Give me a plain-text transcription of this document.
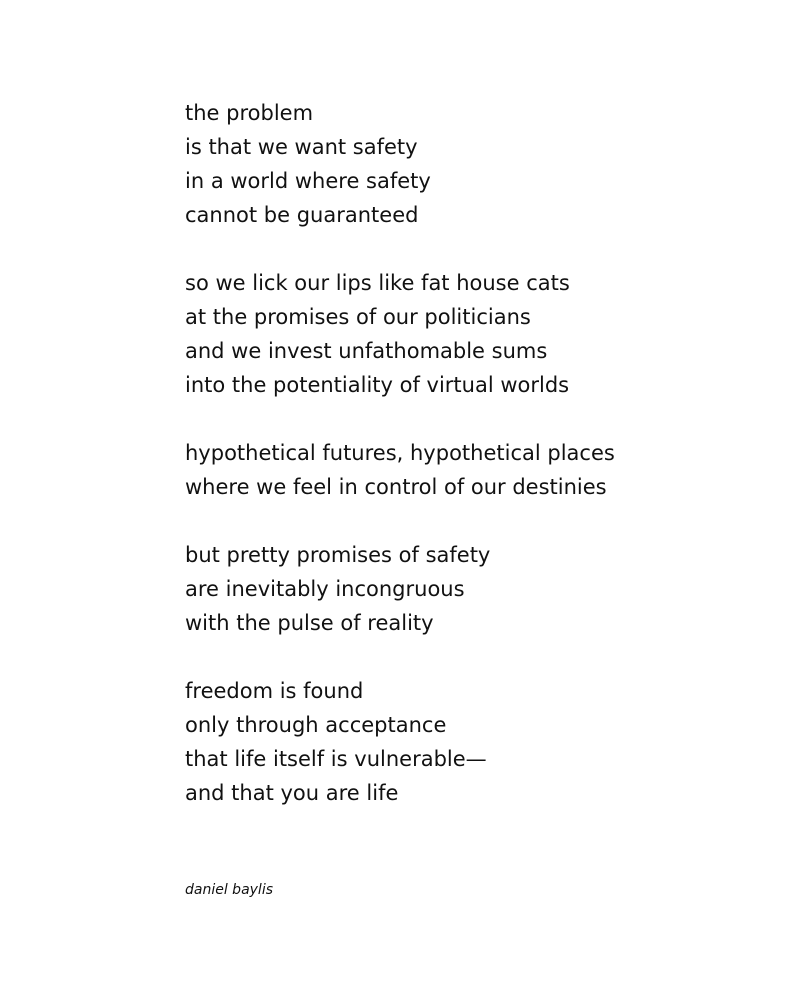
the problem
is that we want safety
in a world where safety
cannot be guaranteed
so we lick our lips like fat house cats
at the promises of our politicians
and we invest unfathomable sums
into the potentiality of virtual worlds
hypothetical futures, hypothetical places
where we feel in control of our destinies
but pretty promises of safety
are inevitably incongruous
with the pulse of reality
freedom is found
only through acceptance
that life itself is vulnerable—
and that you are life
daniel baylis
